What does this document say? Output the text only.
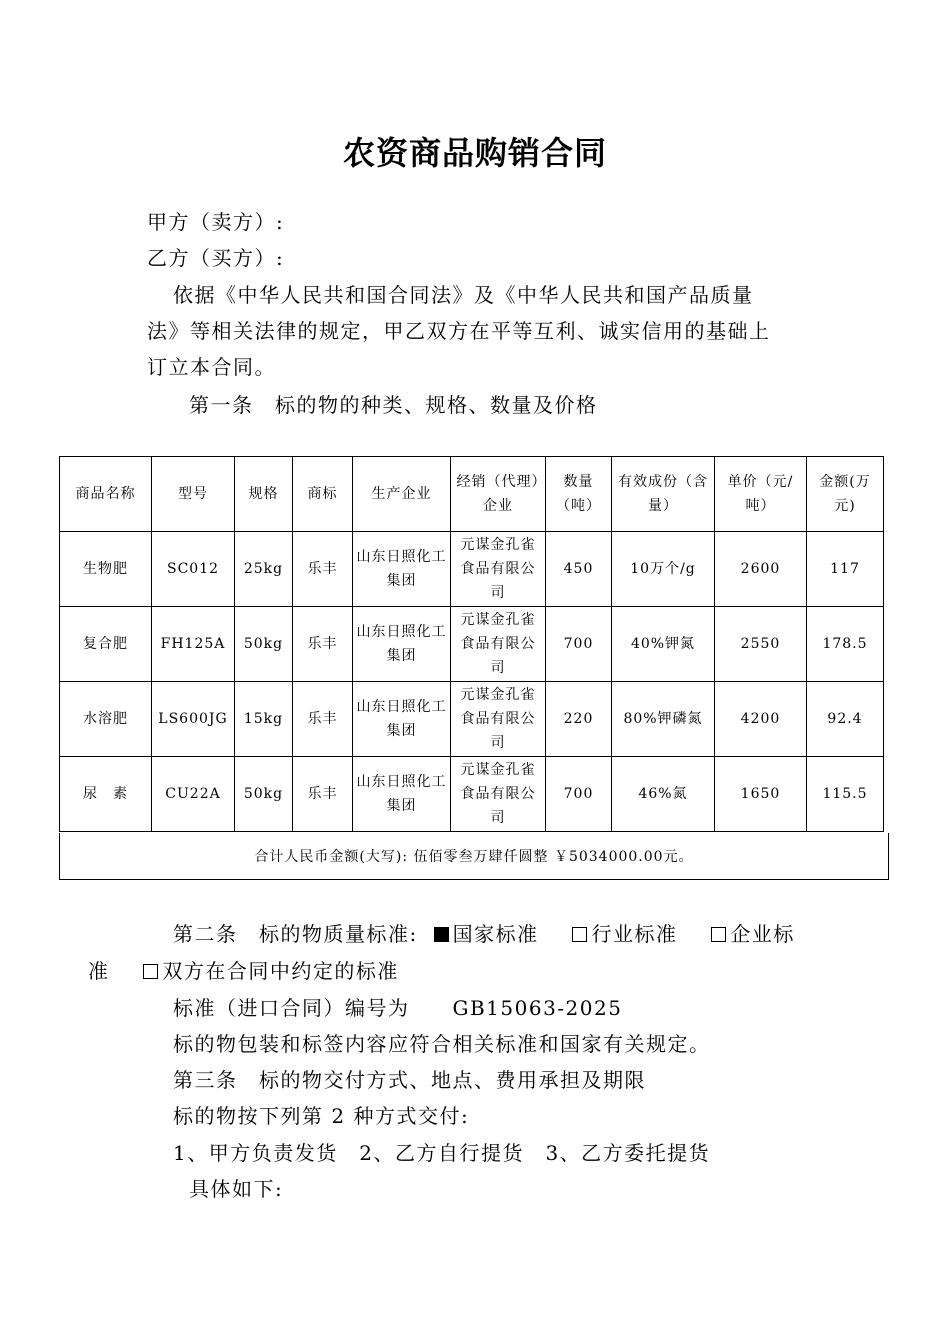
农资商品购销合同
甲方（卖方）:
乙方（买方）:
依据《中华人民共和国合同法》及《中华人民共和国产品质量
法》等相关法律的规定，甲乙双方在平等互利、诚实信用的基础上
订立本合同。
第一条　标的物的种类、规格、数量及价格
商品名称	型号	规格	商标	生产企业	经销（代理）企业	数量（吨）	有效成份（含量）	单价（元/吨）	金额(万元)
生物肥	SC012	25kg	乐丰	山东日照化工集团	元谋金孔雀食品有限公司	450	10万个/g	2600	117
复合肥	FH125A	50kg	乐丰	山东日照化工集团	元谋金孔雀食品有限公司	700	40%钾氮	2550	178.5
水溶肥	LS600JG	15kg	乐丰	山东日照化工集团	元谋金孔雀食品有限公司	220	80%钾磷氮	4200	92.4
尿　素	CU22A	50kg	乐丰	山东日照化工集团	元谋金孔雀食品有限公司	700	46%氮	1650	115.5
合计人民币金额(大写): 伍佰零叁万肆仟圆整 ￥5034000.00元。
第二条　标的物质量标准: 国家标准	行业标准	企业标
准	双方在合同中约定的标准
标准（进口合同）编号为　　GB15063-2025
标的物包装和标签内容应符合相关标准和国家有关规定。
第三条　标的物交付方式、地点、费用承担及期限
标的物按下列第 2 种方式交付:
1、甲方负责发货　2、乙方自行提货　3、乙方委托提货
具体如下:
